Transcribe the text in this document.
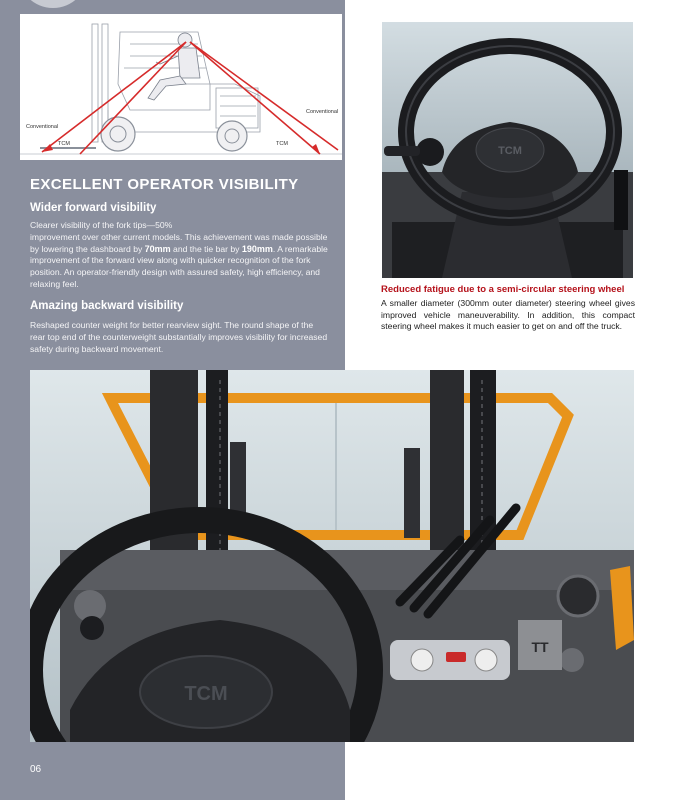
Conventional
TCM
Conventional
TCM
EXCELLENT OPERATOR VISIBILITY
Wider forward visibility
Clearer visibility of the fork tips—50%
improvement over other current models. This achievement was made possible by lowering the dashboard by 70mm and the tie bar by 190mm. A remarkable improvement of the forward view along with quicker recognition of the fork position. An operator-friendly design with assured safety, high efficiency, and relaxing feel.
Amazing backward visibility
Reshaped counter weight for better rearview sight. The round shape of the rear top end of the counterweight substantially improves visibility for increased safety during backward movement.
TCM
Reduced fatigue due to a semi-circular steering wheel
A smaller diameter (300mm outer diameter) steering wheel gives improved vehicle maneuverability. In addition, this compact steering wheel makes it much easier to get on and off the truck.
TT
TCM
06
